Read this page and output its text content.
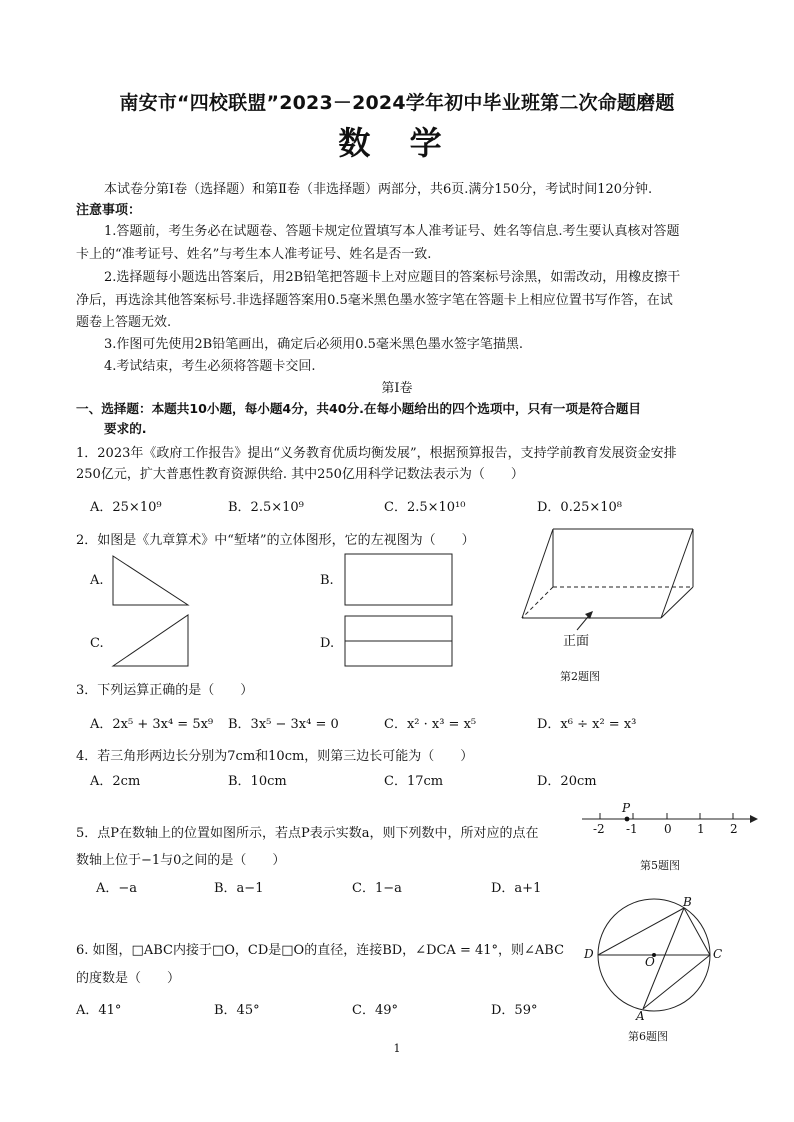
南安市“四校联盟”2023－2024学年初中毕业班第二次命题磨题
数 学
本试卷分第Ⅰ卷（选择题）和第Ⅱ卷（非选择题）两部分，共6页.满分150分，考试时间120分钟.
注意事项：
1.答题前，考生务必在试题卷、答题卡规定位置填写本人准考证号、姓名等信息.考生要认真核对答题
卡上的“准考证号、姓名”与考生本人准考证号、姓名是否一致.
2.选择题每小题选出答案后，用2B铅笔把答题卡上对应题目的答案标号涂黑，如需改动，用橡皮擦干
净后，再选涂其他答案标号.非选择题答案用0.5毫米黑色墨水签字笔在答题卡上相应位置书写作答，在试
题卷上答题无效.
3.作图可先使用2B铅笔画出，确定后必须用0.5毫米黑色墨水签字笔描黑.
4.考试结束，考生必须将答题卡交回.
第Ⅰ卷
一、选择题：本题共10小题，每小题4分，共40分.在每小题给出的四个选项中，只有一项是符合题目
要求的.
1．2023年《政府工作报告》提出“义务教育优质均衡发展”，根据预算报告，支持学前教育发展资金安排
250亿元，扩大普惠性教育资源供给. 其中250亿用科学记数法表示为（　　）
A．25×10⁹	B．2.5×10⁹	C．2.5×10¹⁰	D．0.25×10⁸
2．如图是《九章算术》中“堑堵”的立体图形，它的左视图为（　　）
A.	B.
C.	D.	正面
第2题图
3．下列运算正确的是（　　）
A．2x⁵ + 3x⁴ = 5x⁹ B．3x⁵ − 3x⁴ = 0	C．x² · x³ = x⁵	D．x⁶ ÷ x² = x³
4．若三角形两边长分别为7cm和10cm，则第三边长可能为（　　）
A．2cm	B．10cm	C．17cm	D．20cm
5．点P在数轴上的位置如图所示，若点P表示实数a，则下列数中，所对应的点在
数轴上位于−1与0之间的是（　　）
A．−a	B．a−1	C．1−a	D．a+1
P
-2 -1 0 1 2
第5题图
6. 如图，□ABC内接于□O，CD是□O的直径，连接BD，∠DCA = 41°，则∠ABC
的度数是（　　）
A．41°	B．45°	C．49°	D．59°
B
D
O
C
A
第6题图
1
